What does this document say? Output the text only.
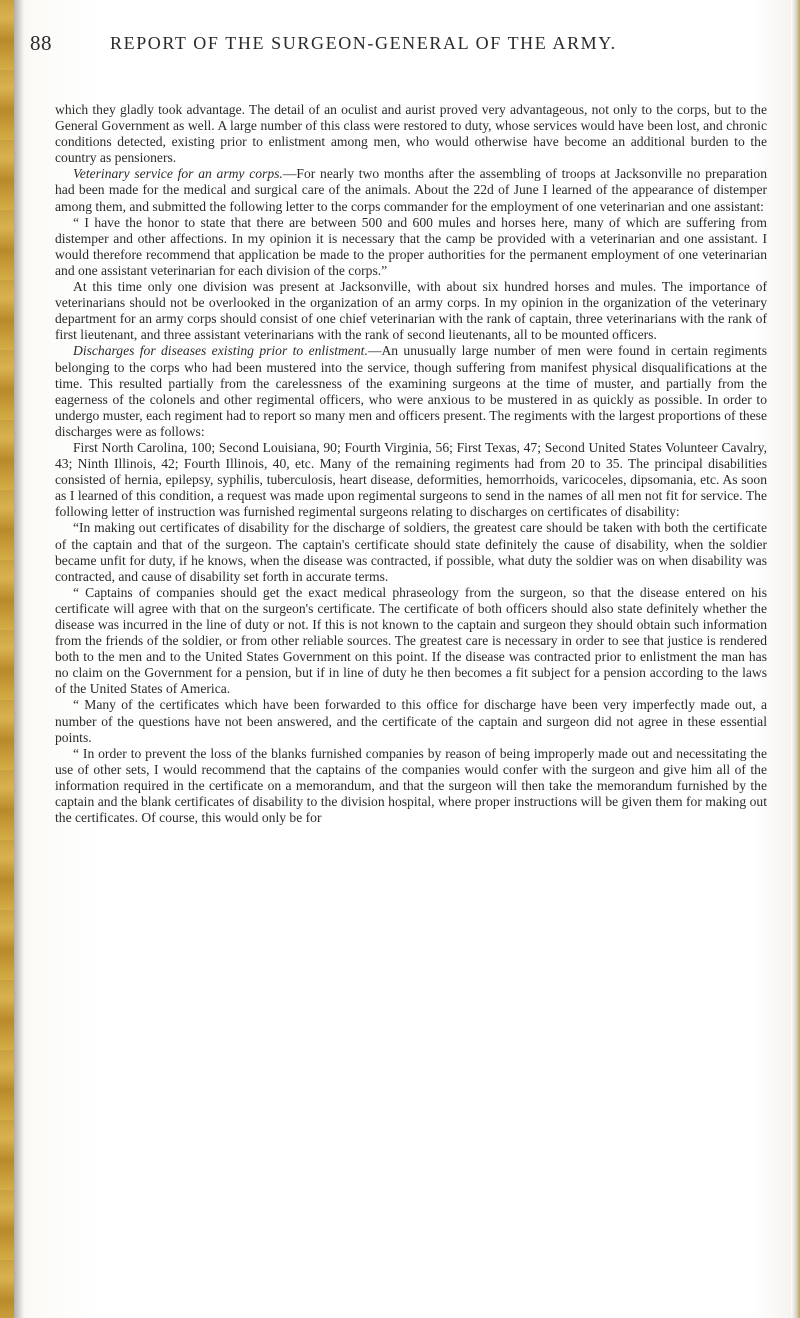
88	REPORT OF THE SURGEON-GENERAL OF THE ARMY.

which they gladly took advantage. The detail of an oculist and aurist proved very advantageous, not only to the corps, but to the General Government as well. A large number of this class were restored to duty, whose services would have been lost, and chronic conditions detected, existing prior to enlistment among men, who would otherwise have become an additional burden to the country as pensioners.

Veterinary service for an army corps.—For nearly two months after the assembling of troops at Jacksonville no preparation had been made for the medical and surgical care of the animals. About the 22d of June I learned of the appearance of distemper among them, and submitted the following letter to the corps commander for the employment of one veterinarian and one assistant:

“ I have the honor to state that there are between 500 and 600 mules and horses here, many of which are suffering from distemper and other affections. In my opinion it is necessary that the camp be provided with a veterinarian and one assistant. I would therefore recommend that application be made to the proper authorities for the permanent employment of one veterinarian and one assistant veterinarian for each division of the corps.”

At this time only one division was present at Jacksonville, with about six hundred horses and mules. The importance of veterinarians should not be overlooked in the organization of an army corps. In my opinion in the organization of the veterinary department for an army corps should consist of one chief veterinarian with the rank of captain, three veterinarians with the rank of first lieutenant, and three assistant veterinarians with the rank of second lieutenants, all to be mounted officers.

Discharges for diseases existing prior to enlistment.—An unusually large number of men were found in certain regiments belonging to the corps who had been mustered into the service, though suffering from manifest physical disqualifications at the time. This resulted partially from the carelessness of the examining surgeons at the time of muster, and partially from the eagerness of the colonels and other regimental officers, who were anxious to be mustered in as quickly as possible. In order to undergo muster, each regiment had to report so many men and officers present. The regiments with the largest proportions of these discharges were as follows:

First North Carolina, 100; Second Louisiana, 90; Fourth Virginia, 56; First Texas, 47; Second United States Volunteer Cavalry, 43; Ninth Illinois, 42; Fourth Illinois, 40, etc. Many of the remaining regiments had from 20 to 35. The principal disabilities consisted of hernia, epilepsy, syphilis, tuberculosis, heart disease, deformities, hemorrhoids, varicoceles, dipsomania, etc. As soon as I learned of this condition, a request was made upon regimental surgeons to send in the names of all men not fit for service. The following letter of instruction was furnished regimental surgeons relating to discharges on certificates of disability:

“In making out certificates of disability for the discharge of soldiers, the greatest care should be taken with both the certificate of the captain and that of the surgeon. The captain's certificate should state definitely the cause of disability, when the soldier became unfit for duty, if he knows, when the disease was contracted, if possible, what duty the soldier was on when disability was contracted, and cause of disability set forth in accurate terms.

“ Captains of companies should get the exact medical phraseology from the surgeon, so that the disease entered on his certificate will agree with that on the surgeon's certificate. The certificate of both officers should also state definitely whether the disease was incurred in the line of duty or not. If this is not known to the captain and surgeon they should obtain such information from the friends of the soldier, or from other reliable sources. The greatest care is necessary in order to see that justice is rendered both to the men and to the United States Government on this point. If the disease was contracted prior to enlistment the man has no claim on the Government for a pension, but if in line of duty he then becomes a fit subject for a pension according to the laws of the United States of America.

“ Many of the certificates which have been forwarded to this office for discharge have been very imperfectly made out, a number of the questions have not been answered, and the certificate of the captain and surgeon did not agree in these essential points.

“ In order to prevent the loss of the blanks furnished companies by reason of being improperly made out and necessitating the use of other sets, I would recommend that the captains of the companies would confer with the surgeon and give him all of the information required in the certificate on a memorandum, and that the surgeon will then take the memorandum furnished by the captain and the blank certificates of disability to the division hospital, where proper instructions will be given them for making out the certificates. Of course, this would only be for
